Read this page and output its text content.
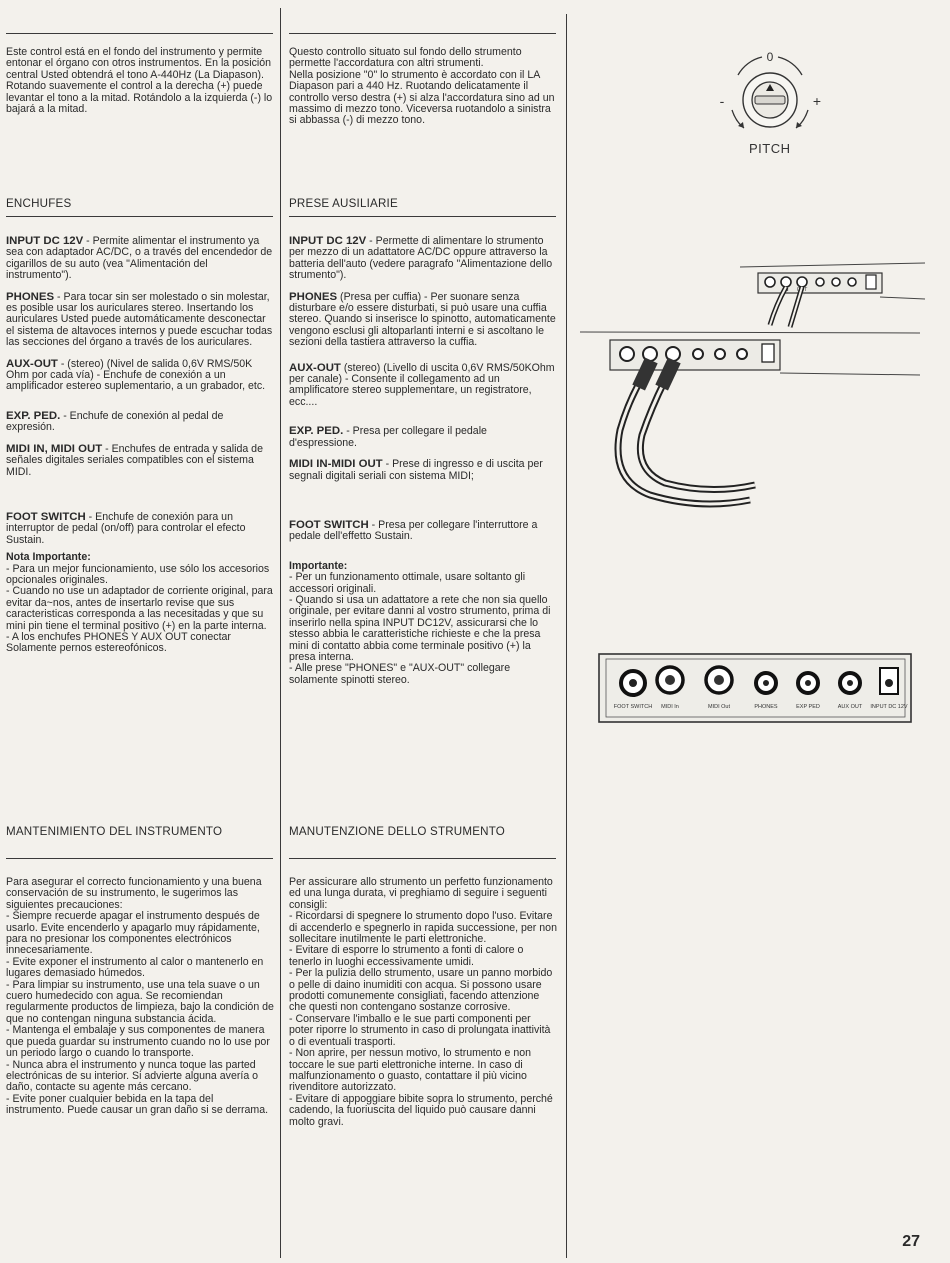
Este control está en el fondo del instrumento y permite entonar el órgano con otros instrumentos. En la posición central Usted obtendrá el tono A-440Hz (La Diapason). Rotando suavemente el control a la derecha (+) puede levantar el tono a la mitad. Rotándolo a la izquierda (-) lo bajará a la mitad.

ENCHUFES

INPUT DC 12V - Permite alimentar el instrumento ya sea con adaptador AC/DC, o a través del encendedor de cigarillos de su auto (vea "Alimentación del instrumento").

PHONES - Para tocar sin ser molestado o sin molestar, es posible usar los auriculares stereo. Insertando los auriculares Usted puede automáticamente desconectar el sistema de altavoces internos y puede escuchar todas las secciones del órgano a través de los auriculares.

AUX-OUT - (stereo) (Nivel de salida 0,6V RMS/50K Ohm por cada vía) - Enchufe de conexión a un amplificador estereo suplementario, a un grabador, etc.

EXP. PED. - Enchufe de conexión al pedal de expresión.

MIDI IN, MIDI OUT - Enchufes de entrada y salida de señales digitales seriales compatibles con el sistema MIDI.

FOOT SWITCH - Enchufe de conexión para un interruptor de pedal (on/off) para controlar el efecto Sustain.

Nota Importante:
- Para un mejor funcionamiento, use sólo los accesorios opcionales originales.
- Cuando no use un adaptador de corriente original, para evitar da~nos, antes de insertarlo revise que sus caracteristicas corresponda a las necesitadas y que su mini pin tiene el terminal positivo (+) en la parte interna.
- A los enchufes PHONES Y AUX OUT conectar Solamente pernos estereofónicos.
MANTENIMIENTO DEL INSTRUMENTO
Para asegurar el correcto funcionamiento y una buena conservación de su instrumento, le sugerimos las siguientes precauciones:
- Siempre recuerde apagar el instrumento después de usarlo. Evite encenderlo y apagarlo muy rápidamente, para no presionar los componentes electrónicos innecesariamente.
- Evite exponer el instrumento al calor o mantenerlo en lugares demasiado húmedos.
- Para limpiar su instrumento, use una tela suave o un cuero humedecido con agua. Se recomiendan regularmente productos de limpieza, bajo la condición de que no contengan ninguna substancia ácida.
- Mantenga el embalaje y sus componentes de manera que pueda guardar su instrumento cuando no lo use por un periodo largo o cuando lo transporte.
- Nunca abra el instrumento y nunca toque las parted electrónicas de su interior. Si advierte alguna avería o daño, contacte su agente más cercano.
- Evite poner cualquier bebida en la tapa del instrumento. Puede causar un gran daño si se derrama.
Questo controllo situato sul fondo dello strumento permette l'accordatura con altri strumenti.
Nella posizione "0" lo strumento è accordato con il LA Diapason pari a 440 Hz. Ruotando delicatamente il controllo verso destra (+) si alza l'accordatura sino ad un massimo di mezzo tono. Viceversa ruotandolo a sinistra si abbassa (-) di mezzo tono.
PRESE AUSILIARIE

INPUT DC 12V - Permette di alimentare lo strumento per mezzo di un adattatore AC/DC oppure attraverso la batteria dell'auto (vedere paragrafo "Alimentazione dello strumento").

PHONES (Presa per cuffia) - Per suonare senza disturbare e/o essere disturbati, si può usare una cuffia stereo. Quando si inserisce lo spinotto, automaticamente vengono esclusi gli altoparlanti interni e si ascoltano le sezioni della tastiera attraverso la cuffia.

AUX-OUT (stereo) (Livello di uscita 0,6V RMS/50KOhm per canale) - Consente il collegamento ad un amplificatore stereo supplementare, un registratore, ecc....

EXP. PED. - Presa per collegare il pedale d'espressione.

MIDI IN-MIDI OUT - Prese di ingresso e di uscita per segnali digitali seriali con sistema MIDI;

FOOT SWITCH - Presa per collegare l'interruttore a pedale dell'effetto Sustain.

Importante:
- Per un funzionamento ottimale, usare soltanto gli accessori originali.
- Quando si usa un adattatore a rete che non sia quello originale, per evitare danni al vostro strumento, prima di inserirlo nella spina INPUT DC12V, assicurarsi che lo stesso abbia le caratteristiche richieste e che la presa mini di contatto abbia come terminale positivo (+) la presa interna.
- Alle prese "PHONES" e "AUX-OUT" collegare solamente spinotti stereo.
MANUTENZIONE DELLO STRUMENTO
Per assicurare allo strumento un perfetto funzionamento ed una lunga durata, vi preghiamo di seguire i seguenti consigli:
- Ricordarsi di spegnere lo strumento dopo l'uso. Evitare di accenderlo e spegnerlo in rapida successione, per non sollecitare inutilmente le parti elettroniche.
- Evitare di esporre lo strumento a fonti di calore o tenerlo in luoghi eccessivamente umidi.
- Per la pulizia dello strumento, usare un panno morbido o pelle di daino inumiditi con acqua. Si possono usare prodotti comunemente consigliati, facendo attenzione che questi non contengano sostanze corrosive.
- Conservare l'imballo e le sue parti componenti per poter riporre lo strumento in caso di prolungata inattività o di eventuali trasporti.
- Non aprire, per nessun motivo, lo strumento e non toccare le sue parti elettroniche interne. In caso di malfunzionamento o guasto, contattare il più vicino rivenditore autorizzato.
- Evitare di appoggiare bibite sopra lo strumento, perché cadendo, la fuoriuscita del liquido può causare danni molto gravi.
0
-	+
PITCH
IN OUT
FOOT SWITCH MIDI In	MIDI Out	PHONES	EXP PED	AUX OUT INPUT DC 12V
27
